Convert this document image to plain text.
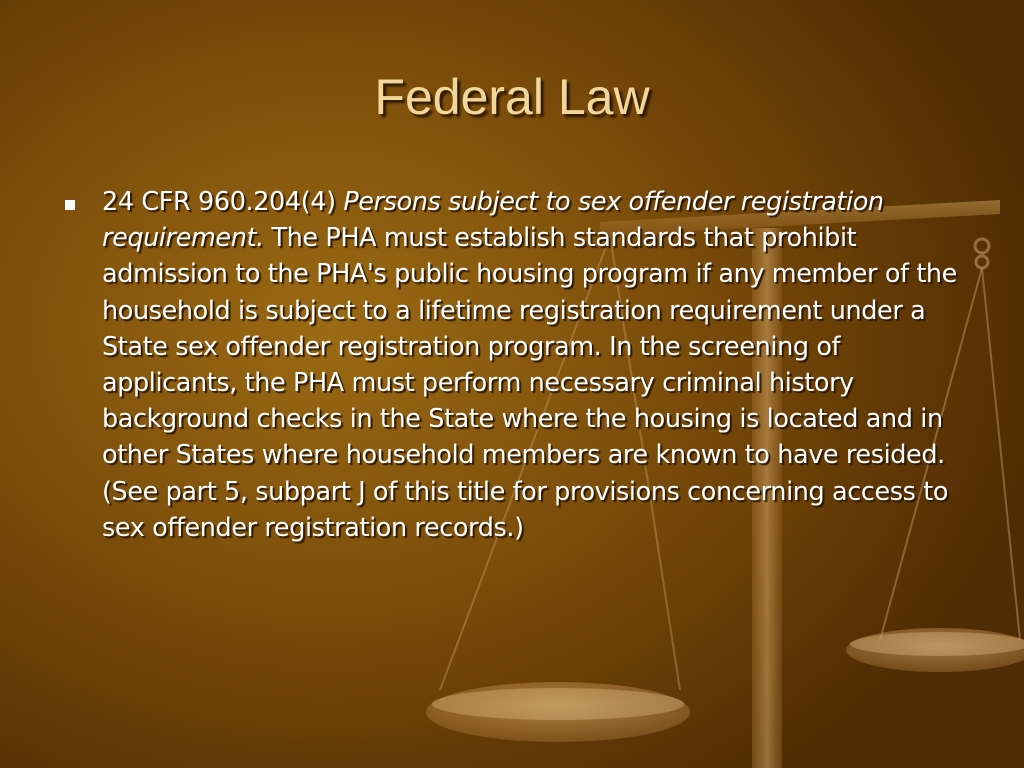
Federal Law

24 CFR 960.204(4) Persons subject to sex offender registration requirement. The PHA must establish standards that prohibit admission to the PHA's public housing program if any member of the household is subject to a lifetime registration requirement under a State sex offender registration program. In the screening of applicants, the PHA must perform necessary criminal history background checks in the State where the housing is located and in other States where household members are known to have resided. (See part 5, subpart J of this title for provisions concerning access to sex offender registration records.)
